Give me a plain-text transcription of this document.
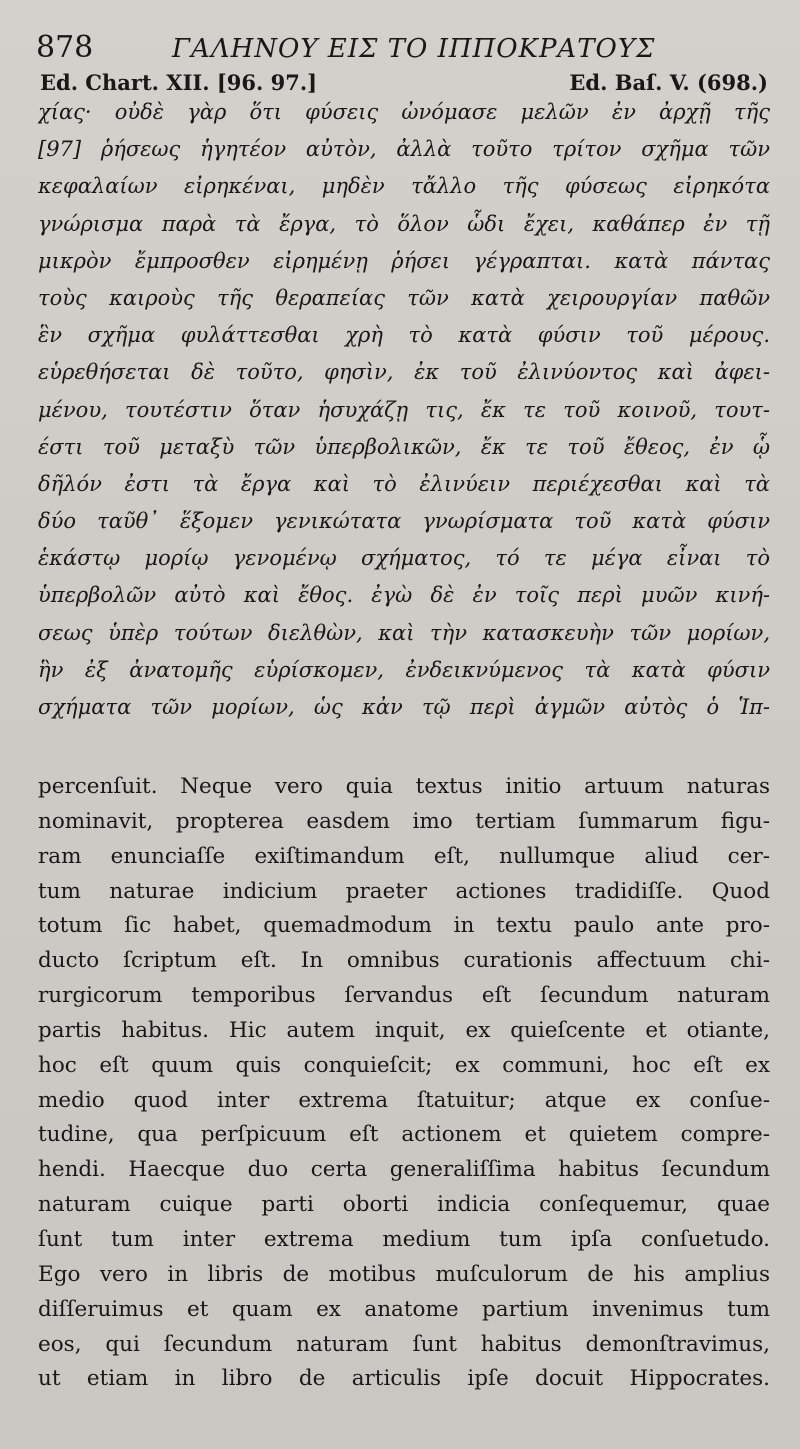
878	ΓΑΛΗΝΟΥ ΕΙΣ ΤΟ ΙΠΠΟΚΡΑΤΟΥΣ
Ed. Chart. XII. [96. 97.]	Ed. Baſ. V. (698.)
χίας· οὐδὲ γὰρ ὅτι φύσεις ὠνόμασε μελῶν ἐν ἀρχῇ τῆς
[97] ῥήσεως ἡγητέον αὐτὸν, ἀλλὰ τοῦτο τρίτον σχῆμα τῶν
κεφαλαίων εἰρηκέναι, μηδὲν τἄλλο τῆς φύσεως εἰρηκότα
γνώρισμα παρὰ τὰ ἔργα, τὸ ὅλον ὧδι ἔχει, καθάπερ ἐν τῇ
μικρὸν ἔμπροσθεν εἰρημένῃ ῥήσει γέγραπται. κατὰ πάντας
τοὺς καιροὺς τῆς θεραπείας τῶν κατὰ χειρουργίαν παθῶν
ἓν σχῆμα φυλάττεσθαι χρὴ τὸ κατὰ φύσιν τοῦ μέρους.
εὑρεθήσεται δὲ τοῦτο, φησὶν, ἐκ τοῦ ἐλινύοντος καὶ ἀφει-
μένου, τουτέστιν ὅταν ἡσυχάζῃ τις, ἔκ τε τοῦ κοινοῦ, τουτ-
έστι τοῦ μεταξὺ τῶν ὑπερβολικῶν, ἔκ τε τοῦ ἔθεος, ἐν ᾧ
δῆλόν ἐστι τὰ ἔργα καὶ τὸ ἐλινύειν περιέχεσθαι καὶ τὰ
δύο ταῦθ᾽ ἕξομεν γενικώτατα γνωρίσματα τοῦ κατὰ φύσιν
ἑκάστῳ μορίῳ γενομένῳ σχήματος, τό τε μέγα εἶναι τὸ
ὑπερβολῶν αὐτὸ καὶ ἔθος. ἐγὼ δὲ ἐν τοῖς περὶ μυῶν κινή-
σεως ὑπὲρ τούτων διελθὼν, καὶ τὴν κατασκευὴν τῶν μορίων,
ἣν ἐξ ἀνατομῆς εὑρίσκομεν, ἐνδεικνύμενος τὰ κατὰ φύσιν
σχήματα τῶν μορίων, ὡς κἀν τῷ περὶ ἀγμῶν αὐτὸς ὁ Ἱπ-
percenſuit. Neque vero quia textus initio artuum naturas
nominavit, propterea easdem imo tertiam ſummarum figu-
ram enunciaſſe exiſtimandum eſt, nullumque aliud cer-
tum naturae indicium praeter actiones tradidiſſe. Quod
totum ſic habet, quemadmodum in textu paulo ante pro-
ducto ſcriptum eſt. In omnibus curationis affectuum chi-
rurgicorum temporibus ſervandus eſt ſecundum naturam
partis habitus. Hic autem inquit, ex quieſcente et otiante,
hoc eſt quum quis conquieſcit; ex communi, hoc eſt ex
medio quod inter extrema ſtatuitur; atque ex conſue-
tudine, qua perſpicuum eſt actionem et quietem compre-
hendi. Haecque duo certa generaliſſima habitus ſecundum
naturam cuique parti oborti indicia conſequemur, quae
ſunt tum inter extrema medium tum ipſa conſuetudo.
Ego vero in libris de motibus muſculorum de his amplius
diſſeruimus et quam ex anatome partium invenimus tum
eos, qui ſecundum naturam ſunt habitus demonſtravimus,
ut etiam in libro de articulis ipſe docuit Hippocrates.
